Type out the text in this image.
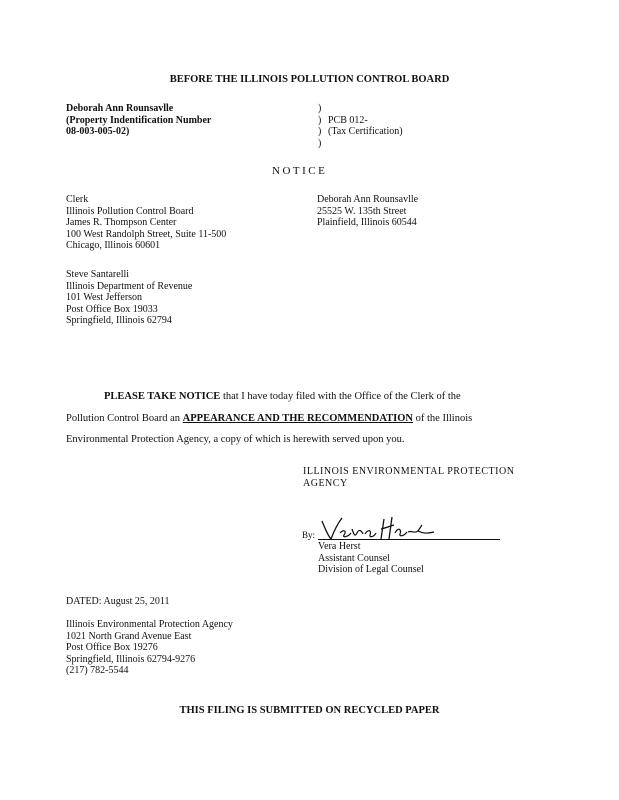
BEFORE THE ILLINOIS POLLUTION CONTROL BOARD
Deborah Ann Rounsavlle
(Property Indentification Number
08-003-005-02)
)
)
)
)
PCB 012-
(Tax Certification)
NOTICE
Clerk
Illinois Pollution Control Board
James R. Thompson Center
100 West Randolph Street, Suite 11-500
Chicago, Illinois 60601
Deborah Ann Rounsavlle
25525 W. 135th Street
Plainfield, Illinois 60544
Steve Santarelli
Illinois Department of Revenue
101 West Jefferson
Post Office Box 19033
Springfield, Illinois 62794
PLEASE TAKE NOTICE that I have today filed with the Office of the Clerk of the
Pollution Control Board an APPEARANCE AND THE RECOMMENDATION of the Illinois
Environmental Protection Agency, a copy of which is herewith served upon you.
ILLINOIS ENVIRONMENTAL PROTECTION
AGENCY
By:
Vera Herst
Assistant Counsel
Division of Legal Counsel
DATED: August 25, 2011
Illinois Environmental Protection Agency
1021 North Grand Avenue East
Post Office Box 19276
Springfield, Illinois 62794-9276
(217) 782-5544
THIS FILING IS SUBMITTED ON RECYCLED PAPER
